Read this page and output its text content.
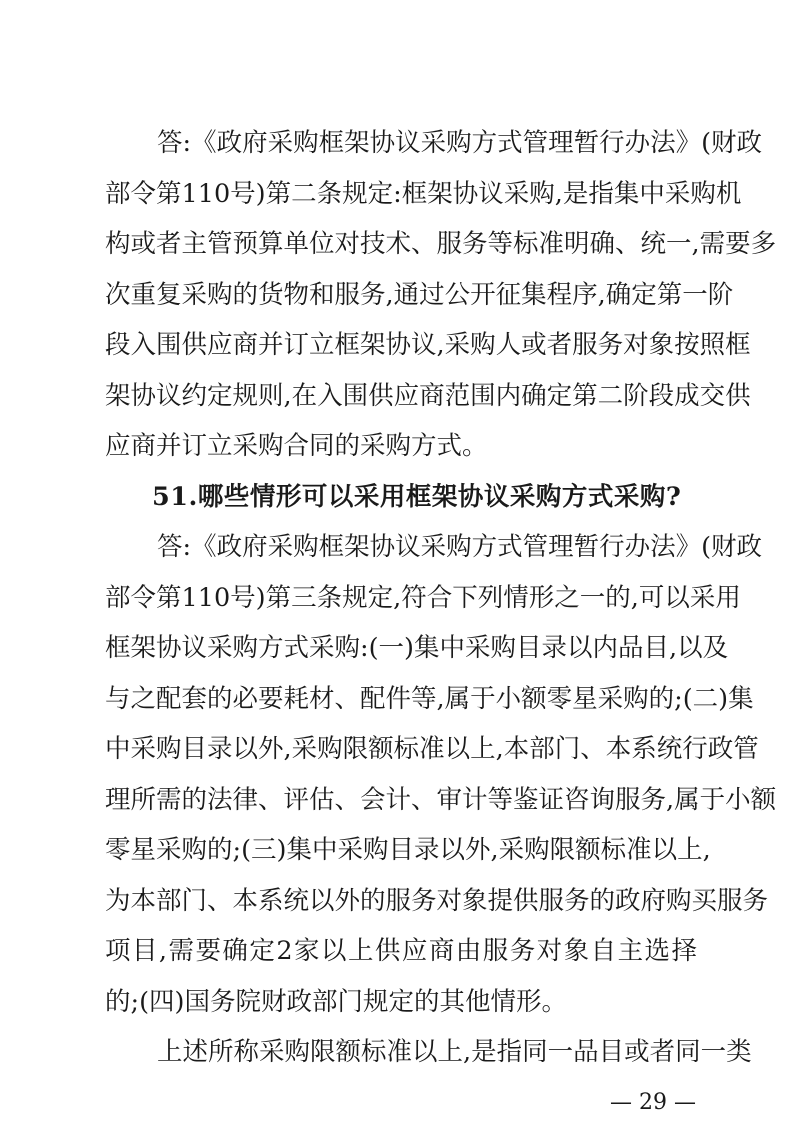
答:《政府采购框架协议采购方式管理暂行办法》(财政
部令第110号)第二条规定:框架协议采购,是指集中采购机
构或者主管预算单位对技术、服务等标准明确、统一,需要多
次重复采购的货物和服务,通过公开征集程序,确定第一阶
段入围供应商并订立框架协议,采购人或者服务对象按照框
架协议约定规则,在入围供应商范围内确定第二阶段成交供
应商并订立采购合同的采购方式。
51.哪些情形可以采用框架协议采购方式采购?
答:《政府采购框架协议采购方式管理暂行办法》(财政
部令第110号)第三条规定,符合下列情形之一的,可以采用
框架协议采购方式采购:(一)集中采购目录以内品目,以及
与之配套的必要耗材、配件等,属于小额零星采购的;(二)集
中采购目录以外,采购限额标准以上,本部门、本系统行政管
理所需的法律、评估、会计、审计等鉴证咨询服务,属于小额
零星采购的;(三)集中采购目录以外,采购限额标准以上,
为本部门、本系统以外的服务对象提供服务的政府购买服务
项目,需要确定2家以上供应商由服务对象自主选择
的;(四)国务院财政部门规定的其他情形。
上述所称采购限额标准以上,是指同一品目或者同一类
— 29 —
